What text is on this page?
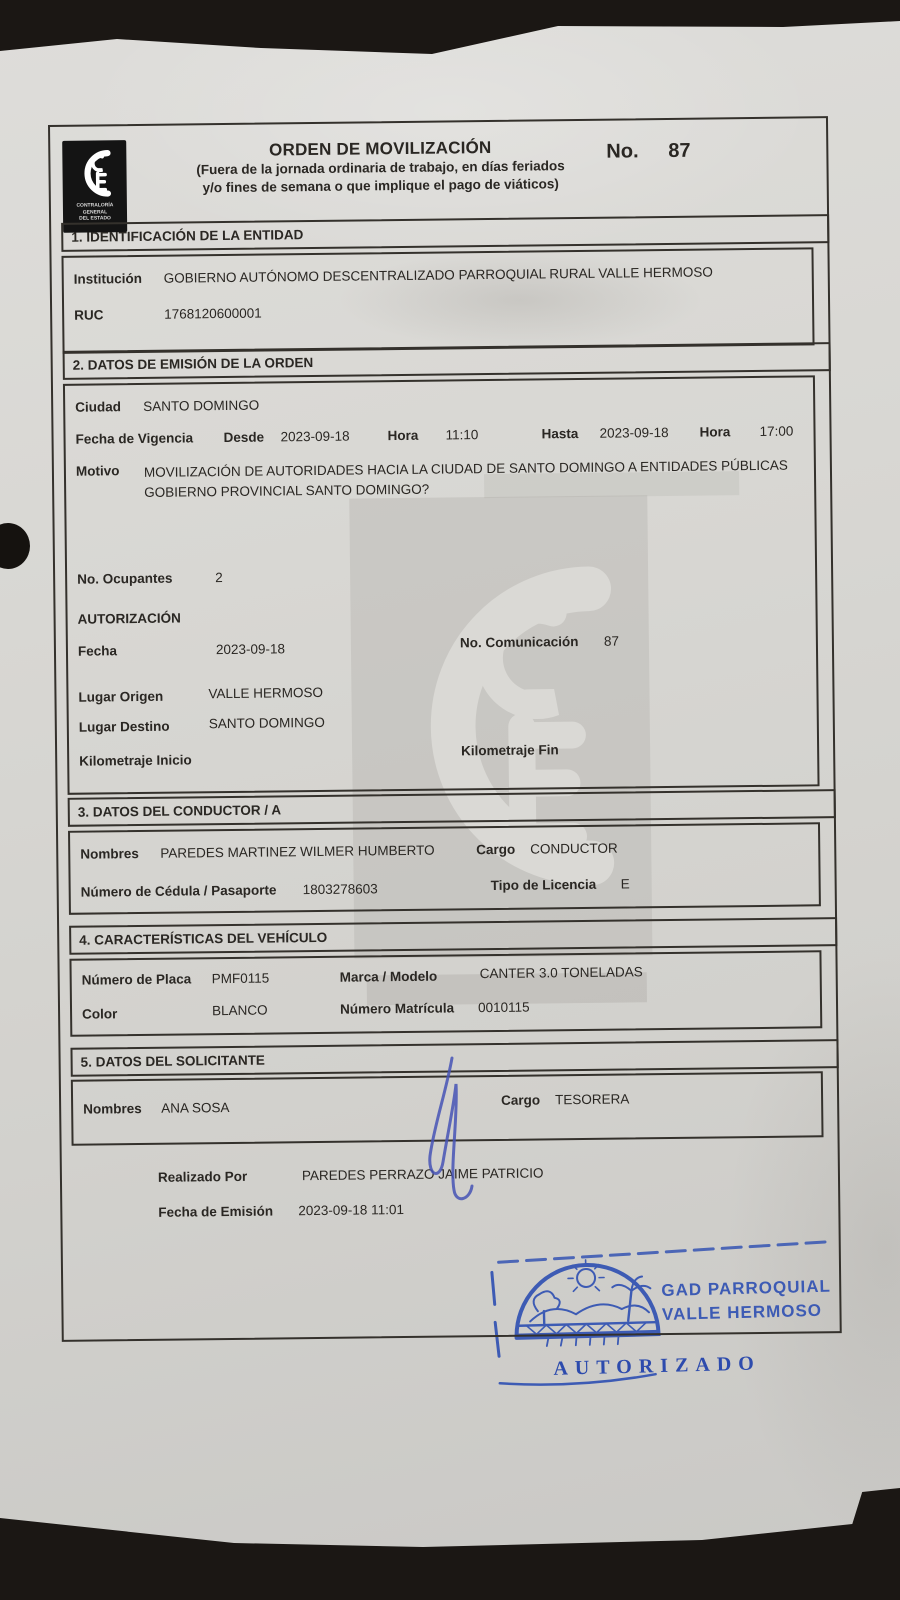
GAD PARROQUIAL
VALLE HERMOSO
AUTORIZADO
CONTRALORÍA
GENERAL
DEL ESTADO
ORDEN DE MOVILIZACIÓN
(Fuera de la jornada ordinaria de trabajo, en días feriados
y/o fines de semana o que implique el pago de viáticos)
No. 87
1. IDENTIFICACIÓN DE LA ENTIDAD
Institución GOBIERNO AUTÓNOMO DESCENTRALIZADO PARROQUIAL RURAL VALLE HERMOSO
RUC	1768120600001
2. DATOS DE EMISIÓN DE LA ORDEN
Ciudad SANTO DOMINGO
Fecha de Vigencia Desde 2023-09-18	Hora 11:10	Hasta 2023-09-18 Hora 17:00
Motivo MOVILIZACIÓN DE AUTORIDADES HACIA LA CIUDAD DE SANTO DOMINGO A ENTIDADES PÚBLICAS GOBIERNO PROVINCIAL SANTO DOMINGO?
No. Ocupantes	2
AUTORIZACIÓN
Fecha	2023-09-18	No. Comunicación 87
Lugar Origen	VALLE HERMOSO
Lugar Destino	SANTO DOMINGO
Kilometraje Inicio
Kilometraje Fin
3. DATOS DEL CONDUCTOR / A
Nombres PAREDES MARTINEZ WILMER HUMBERTO	Cargo CONDUCTOR
Número de Cédula / Pasaporte 1803278603	Tipo de Licencia E
4. CARACTERÍSTICAS DEL VEHÍCULO
Número de Placa PMF0115	Marca / Modelo	CANTER 3.0 TONELADAS
Color	BLANCO	Número Matrícula 0010115
5. DATOS DEL SOLICITANTE
Nombres ANA SOSA	Cargo TESORERA
Realizado Por	PAREDES PERRAZO JAIME PATRICIO
Fecha de Emisión 2023-09-18 11:01
